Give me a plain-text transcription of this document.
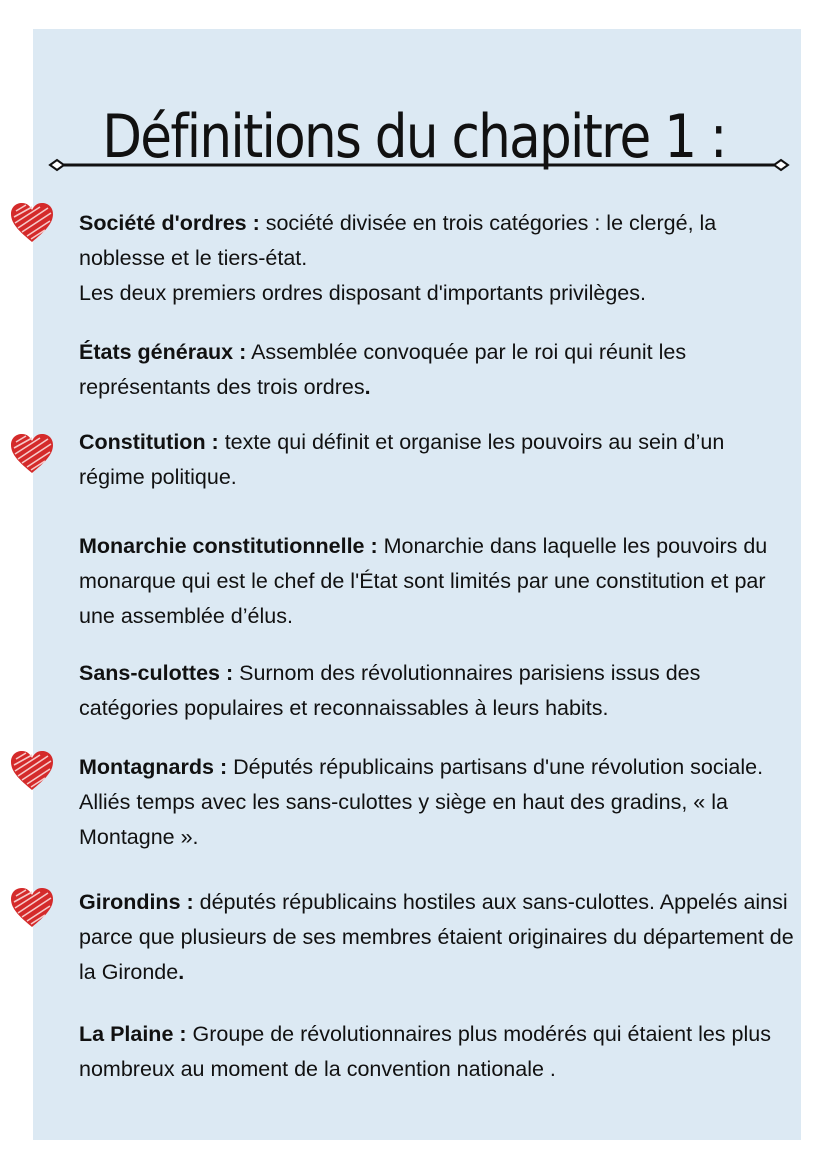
Définitions du chapitre 1 :

Société d'ordres : société divisée en trois catégories : le clergé, la noblesse et le tiers-état.
Les deux premiers ordres disposant d'importants privilèges.

États généraux : Assemblée convoquée par le roi qui réunit les représentants des trois ordres.

Constitution : texte qui définit et organise les pouvoirs au sein d’un régime politique.

Monarchie constitutionnelle : Monarchie dans laquelle les pouvoirs du monarque qui est le chef de l'État sont limités par une constitution et par une assemblée d’élus.

Sans-culottes : Surnom des révolutionnaires parisiens issus des catégories populaires et reconnaissables à leurs habits.

Montagnards : Députés républicains partisans d'une révolution sociale. Alliés temps avec les sans-culottes y siège en haut des gradins, « la Montagne ».

Girondins : députés républicains hostiles aux sans-culottes. Appelés ainsi parce que plusieurs de ses membres étaient originaires du département de la Gironde.

La Plaine : Groupe de révolutionnaires plus modérés qui étaient les plus nombreux au moment de la convention nationale .
